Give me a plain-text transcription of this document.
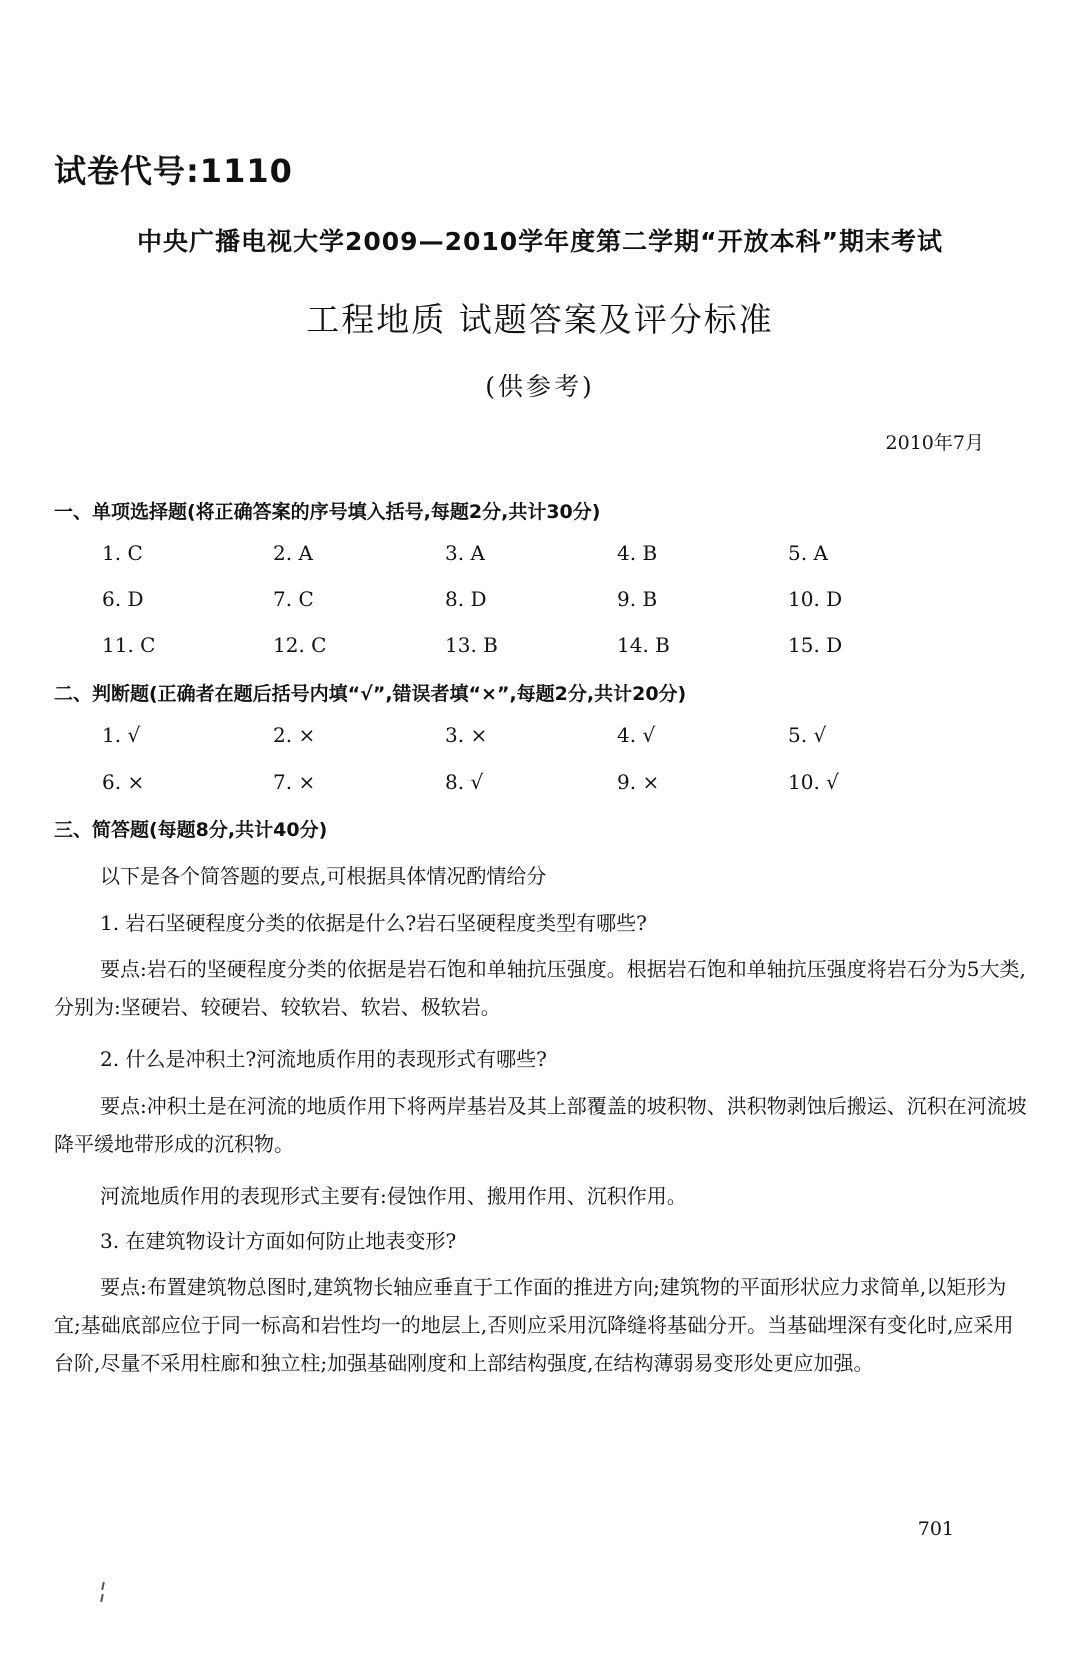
试卷代号:1110
中央广播电视大学2009—2010学年度第二学期“开放本科”期末考试
工程地质 试题答案及评分标准
(供参考)
2010年7月
一、单项选择题(将正确答案的序号填入括号,每题2分,共计30分)
1. C	2. A	3. A	4. B	5. A
6. D	7. C	8. D	9. B	10. D
11. C	12. C	13. B	14. B	15. D
二、判断题(正确者在题后括号内填“√”,错误者填“×”,每题2分,共计20分)
1. √	2. ×	3. ×	4. √	5. √
6. ×	7. ×	8. √	9. ×	10. √
三、简答题(每题8分,共计40分)

以下是各个简答题的要点,可根据具体情况酌情给分

1. 岩石坚硬程度分类的依据是什么?岩石坚硬程度类型有哪些?

要点:岩石的坚硬程度分类的依据是岩石饱和单轴抗压强度。根据岩石饱和单轴抗压强度将岩石分为5大类,分别为:坚硬岩、较硬岩、较软岩、软岩、极软岩。

2. 什么是冲积土?河流地质作用的表现形式有哪些?

要点:冲积土是在河流的地质作用下将两岸基岩及其上部覆盖的坡积物、洪积物剥蚀后搬运、沉积在河流坡降平缓地带形成的沉积物。

河流地质作用的表现形式主要有:侵蚀作用、搬用作用、沉积作用。

3. 在建筑物设计方面如何防止地表变形?

要点:布置建筑物总图时,建筑物长轴应垂直于工作面的推进方向;建筑物的平面形状应力求简单,以矩形为宜;基础底部应位于同一标高和岩性均一的地层上,否则应采用沉降缝将基础分开。当基础埋深有变化时,应采用台阶,尽量不采用柱廊和独立柱;加强基础刚度和上部结构强度,在结构薄弱易变形处更应加强。

701
